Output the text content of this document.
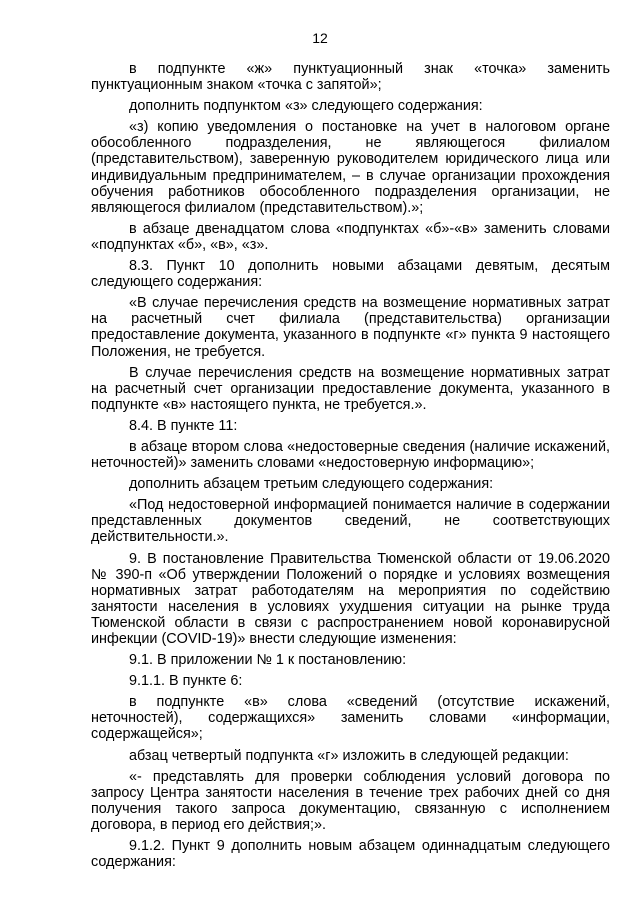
12

в подпункте «ж» пунктуационный знак «точка» заменить пунктуационным знаком «точка с запятой»;

дополнить подпунктом «з» следующего содержания:

«з) копию уведомления о постановке на учет в налоговом органе обособленного подразделения, не являющегося филиалом (представительством), заверенную руководителем юридического лица или индивидуальным предпринимателем, – в случае организации прохождения обучения работников обособленного подразделения организации, не являющегося филиалом (представительством).»;

в абзаце двенадцатом слова «подпунктах «б»-«в» заменить словами «подпунктах «б», «в», «з».

8.3. Пункт 10 дополнить новыми абзацами девятым, десятым следующего содержания:

«В случае перечисления средств на возмещение нормативных затрат на расчетный счет филиала (представительства) организации предоставление документа, указанного в подпункте «г» пункта 9 настоящего Положения, не требуется.

В случае перечисления средств на возмещение нормативных затрат на расчетный счет организации предоставление документа, указанного в подпункте «в» настоящего пункта, не требуется.».

8.4. В пункте 11:

в абзаце втором слова «недостоверные сведения (наличие искажений, неточностей)» заменить словами «недостоверную информацию»;

дополнить абзацем третьим следующего содержания:

«Под недостоверной информацией понимается наличие в содержании представленных документов сведений, не соответствующих действительности.».

9. В постановление Правительства Тюменской области от 19.06.2020 № 390-п «Об утверждении Положений о порядке и условиях возмещения нормативных затрат работодателям на мероприятия по содействию занятости населения в условиях ухудшения ситуации на рынке труда Тюменской области в связи с распространением новой коронавирусной инфекции (COVID-19)» внести следующие изменения:

9.1. В приложении № 1 к постановлению:

9.1.1. В пункте 6:

в подпункте «в» слова «сведений (отсутствие искажений, неточностей), содержащихся» заменить словами «информации, содержащейся»;

абзац четвертый подпункта «г» изложить в следующей редакции:

«- представлять для проверки соблюдения условий договора по запросу Центра занятости населения в течение трех рабочих дней со дня получения такого запроса документацию, связанную с исполнением договора, в период его действия;».

9.1.2. Пункт 9 дополнить новым абзацем одиннадцатым следующего содержания:
